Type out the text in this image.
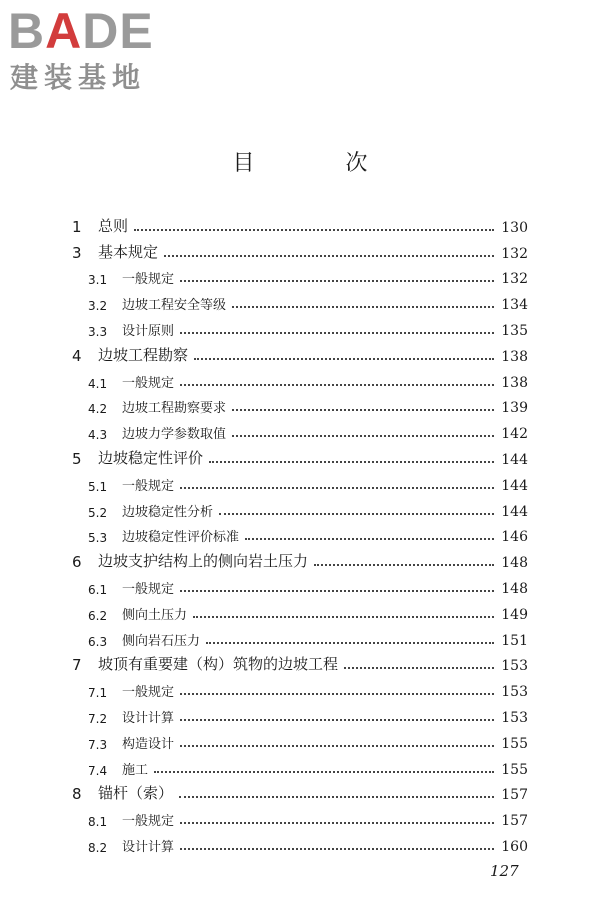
BADE
建装基地
目 次
1	总则	130
3	基本规定	132
3.1	一般规定	132
3.2	边坡工程安全等级	134
3.3	设计原则	135
4	边坡工程勘察	138
4.1	一般规定	138
4.2	边坡工程勘察要求	139
4.3	边坡力学参数取值	142
5	边坡稳定性评价	144
5.1	一般规定	144
5.2	边坡稳定性分析	144
5.3	边坡稳定性评价标准	146
6	边坡支护结构上的侧向岩土压力	148
6.1	一般规定	148
6.2	侧向土压力	149
6.3	侧向岩石压力	151
7	坡顶有重要建（构）筑物的边坡工程	153
7.1	一般规定	153
7.2	设计计算	153
7.3	构造设计	155
7.4	施工	155
8	锚杆（索）	157
8.1	一般规定	157
8.2	设计计算	160
127
